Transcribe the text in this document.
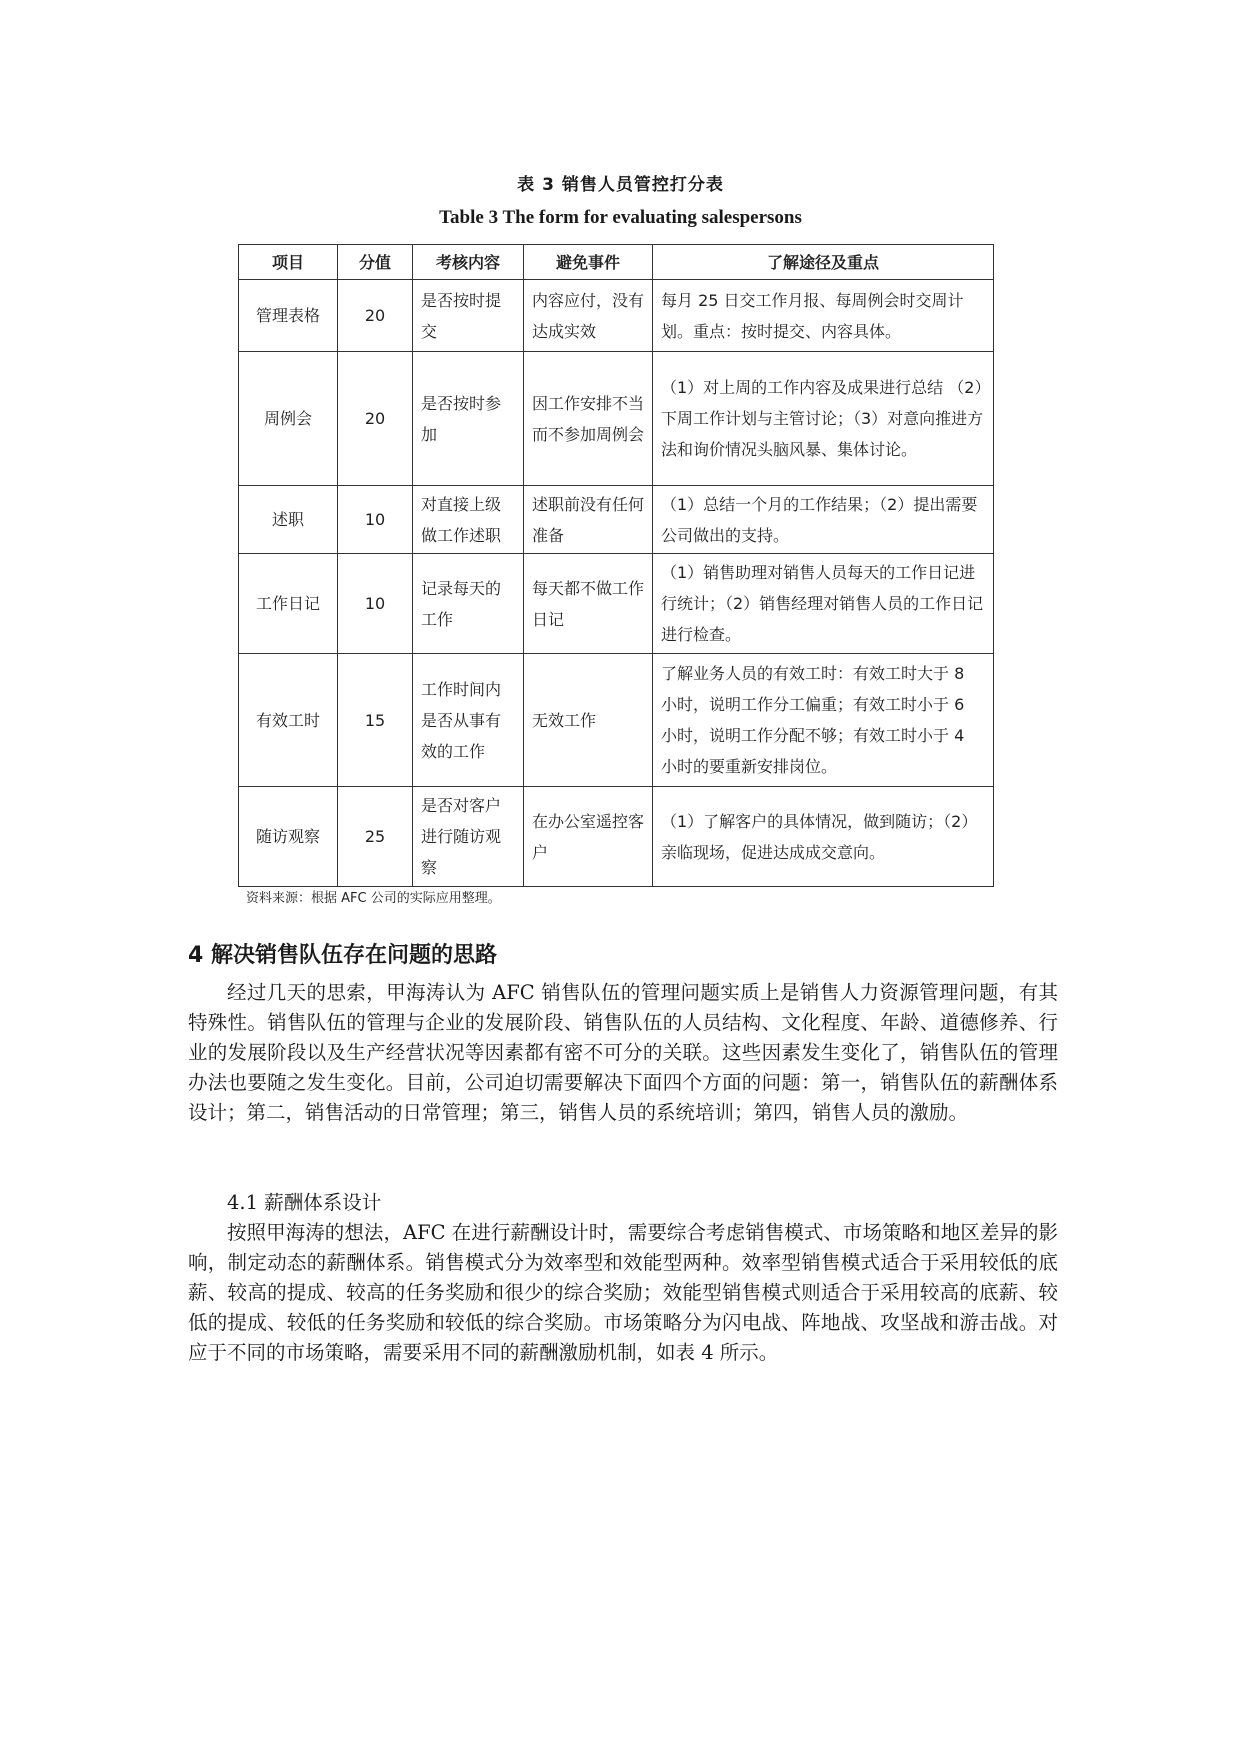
表 3 销售人员管控打分表
Table 3 The form for evaluating salespersons
项目	分值	考核内容	避免事件	了解途径及重点
管理表格	20	是否按时提交	内容应付，没有达成实效	每月 25 日交工作月报、每周例会时交周计划。重点：按时提交、内容具体。
周例会	20	是否按时参加	因工作安排不当而不参加周例会	（1）对上周的工作内容及成果进行总结 （2）下周工作计划与主管讨论；（3）对意向推进方法和询价情况头脑风暴、集体讨论。
述职	10	对直接上级做工作述职	述职前没有任何准备	（1）总结一个月的工作结果；（2）提出需要公司做出的支持。
工作日记	10	记录每天的工作	每天都不做工作日记	（1）销售助理对销售人员每天的工作日记进行统计；（2）销售经理对销售人员的工作日记进行检查。
有效工时	15	工作时间内是否从事有效的工作	无效工作	了解业务人员的有效工时：有效工时大于 8 小时，说明工作分工偏重；有效工时小于 6 小时，说明工作分配不够；有效工时小于 4 小时的要重新安排岗位。
随访观察	25	是否对客户进行随访观察	在办公室遥控客户	（1）了解客户的具体情况，做到随访；（2）亲临现场，促进达成成交意向。
资料来源：根据 AFC 公司的实际应用整理。
4 解决销售队伍存在问题的思路

经过几天的思索，甲海涛认为 AFC 销售队伍的管理问题实质上是销售人力资源管理问题，有其特殊性。销售队伍的管理与企业的发展阶段、销售队伍的人员结构、文化程度、年龄、道德修养、行业的发展阶段以及生产经营状况等因素都有密不可分的关联。这些因素发生变化了，销售队伍的管理办法也要随之发生变化。目前，公司迫切需要解决下面四个方面的问题：第一，销售队伍的薪酬体系设计；第二，销售活动的日常管理；第三，销售人员的系统培训；第四，销售人员的激励。

4.1 薪酬体系设计

按照甲海涛的想法，AFC 在进行薪酬设计时，需要综合考虑销售模式、市场策略和地区差异的影响，制定动态的薪酬体系。销售模式分为效率型和效能型两种。效率型销售模式适合于采用较低的底薪、较高的提成、较高的任务奖励和很少的综合奖励；效能型销售模式则适合于采用较高的底薪、较低的提成、较低的任务奖励和较低的综合奖励。市场策略分为闪电战、阵地战、攻坚战和游击战。对应于不同的市场策略，需要采用不同的薪酬激励机制，如表 4 所示。
